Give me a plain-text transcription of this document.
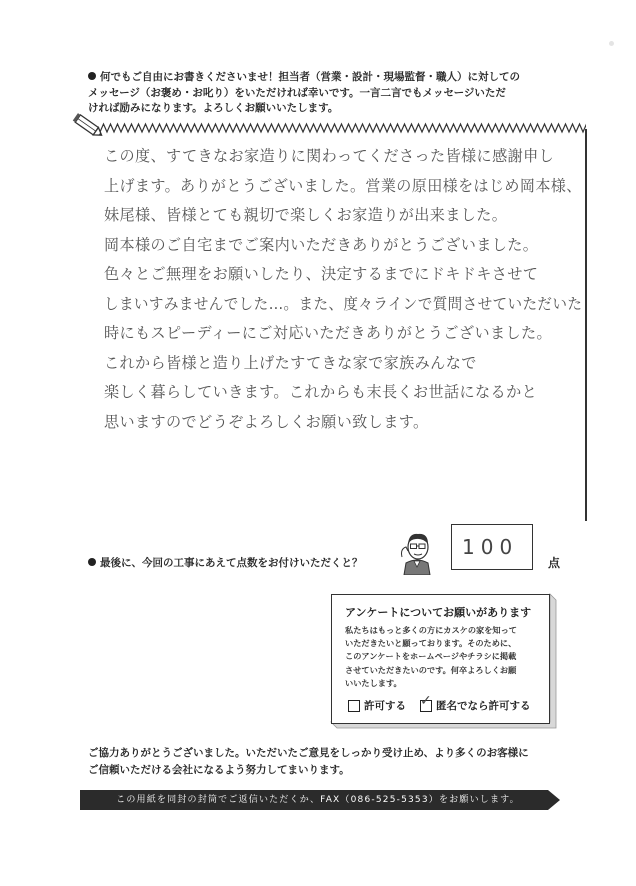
何でもご自由にお書きくださいませ！担当者（営業・設計・現場監督・職人）に対しての
メッセージ（お褒め・お叱り）をいただければ幸いです。一言二言でもメッセージいただ
ければ励みになります。よろしくお願いいたします。
この度、すてきなお家造りに関わってくださった皆様に感謝申し
上げます。ありがとうございました。営業の原田様をはじめ岡本様、
妹尾様、皆様とても親切で楽しくお家造りが出来ました。
岡本様のご自宅までご案内いただきありがとうございました。
色々とご無理をお願いしたり、決定するまでにドキドキさせて
しまいすみませんでした…。また、度々ラインで質問させていただいた
時にもスピーディーにご対応いただきありがとうございました。
これから皆様と造り上げたすてきな家で家族みんなで
楽しく暮らしていきます。これからも末長くお世話になるかと
思いますのでどうぞよろしくお願い致します。
最後に、今回の工事にあえて点数をお付けいただくと？
100
点
アンケートについてお願いがあります
私たちはもっと多くの方にカスケの家を知って
いただきたいと願っております。そのために、
このアンケートをホームページやチラシに掲載
させていただきたいのです。何卒よろしくお願
いいたします。
許可する ✓ 匿名でなら許可する
ご協力ありがとうございました。いただいたご意見をしっかり受け止め、より多くのお客様に
ご信頼いただける会社になるよう努力してまいります。
この用紙を同封の封筒でご返信いただくか、FAX（086-525-5353）をお願いします。
